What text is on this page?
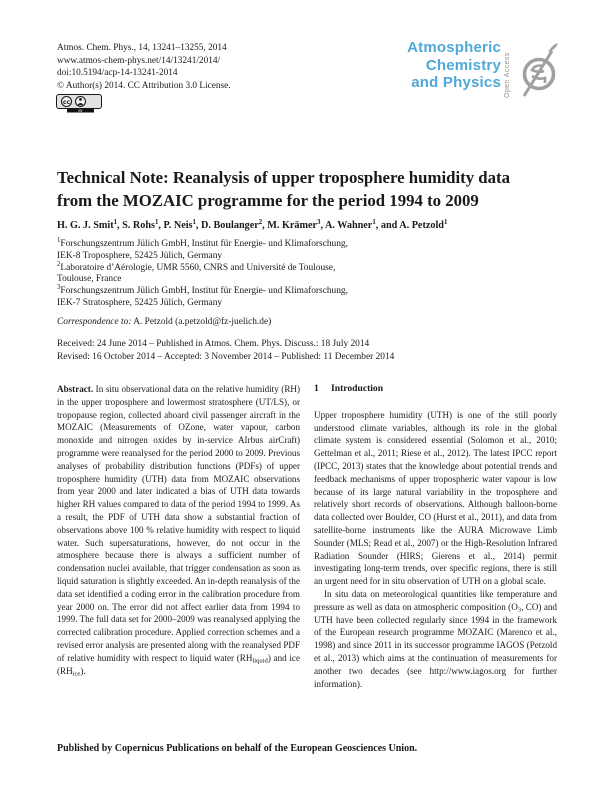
Atmos. Chem. Phys., 14, 13241–13255, 2014
www.atmos-chem-phys.net/14/13241/2014/
doi:10.5194/acp-14-13241-2014
© Author(s) 2014. CC Attribution 3.0 License.
cc
BY
Atmospheric
Chemistry
and Physics Open Access
Technical Note: Reanalysis of upper troposphere humidity data
from the MOZAIC programme for the period 1994 to 2009
H. G. J. Smit$^1$, S. Rohs$^1$, P. Neis$^1$, D. Boulanger$^2$, M. Krämer$^3$, A. Wahner$^1$, and A. Petzold$^1$
$^1$Forschungszentrum Jülich GmbH, Institut für Energie- und Klimaforschung,
IEK-8 Troposphere, 52425 Jülich, Germany
$^2$Laboratoire d’Aérologie, UMR 5560, CNRS and Université de Toulouse,
Toulouse, France
$^3$Forschungszentrum Jülich GmbH, Institut für Energie- und Klimaforschung,
IEK-7 Stratosphere, 52425 Jülich, Germany
Correspondence to: A. Petzold (a.petzold@fz-juelich.de)
Received: 24 June 2014 – Published in Atmos. Chem. Phys. Discuss.: 18 July 2014
Revised: 16 October 2014 – Accepted: 3 November 2014 – Published: 11 December 2014

Abstract. In situ observational data on the relative humidity (RH) in the upper troposphere and lowermost stratosphere (UT/LS), or tropopause region, collected aboard civil passenger aircraft in the MOZAIC (Measurements of OZone, water vapour, carbon monoxide and nitrogen oxides by in-service AIrbus airCraft) programme were reanalysed for the period 2000 to 2009. Previous analyses of probability distribution functions (PDFs) of upper troposphere humidity (UTH) data from MOZAIC observations from year 2000 and later indicated a bias of UTH data towards higher RH values compared to data of the period 1994 to 1999. As a result, the PDF of UTH data show a substantial fraction of observations above 100 % relative humidity with respect to liquid water. Such supersaturations, however, do not occur in the atmosphere because there is always a sufficient number of condensation nuclei available, that trigger condensation as soon as liquid saturation is slightly exceeded. An in-depth reanalysis of the data set identified a coding error in the calibration procedure from year 2000 on. The error did not affect earlier data from 1994 to 1999. The full data set for 2000–2009 was reanalysed applying the corrected calibration procedure. Applied correction schemes and a revised error analysis are presented along with the reanalysed PDF of relative humidity with respect to liquid water (RHliquid) and ice (RHice).

1 Introduction

Upper troposphere humidity (UTH) is one of the still poorly understood climate variables, although its role in the global climate system is considered essential (Solomon et al., 2010; Gettelman et al., 2011; Riese et al., 2012). The latest IPCC report (IPCC, 2013) states that the knowledge about potential trends and feedback mechanisms of upper tropospheric water vapour is low because of its large natural variability in the troposphere and relatively short records of observations. Although balloon-borne data collected over Boulder, CO (Hurst et al., 2011), and data from satellite-borne instruments like the AURA Microwave Limb Sounder (MLS; Read et al., 2007) or the High-Resolution Infrared Radiation Sounder (HIRS; Gierens et al., 2014) permit investigating long-term trends, over specific regions, there is still an urgent need for in situ observation of UTH on a global scale.

In situ data on meteorological quantities like temperature and pressure as well as data on atmospheric composition (O3, CO) and UTH have been collected regularly since 1994 in the framework of the European research programme MOZAIC (Marenco et al., 1998) and since 2011 in its successor programme IAGOS (Petzold et al., 2013) which aims at the continuation of measurements for another two decades (see http://www.iagos.org for further information).

Published by Copernicus Publications on behalf of the European Geosciences Union.
